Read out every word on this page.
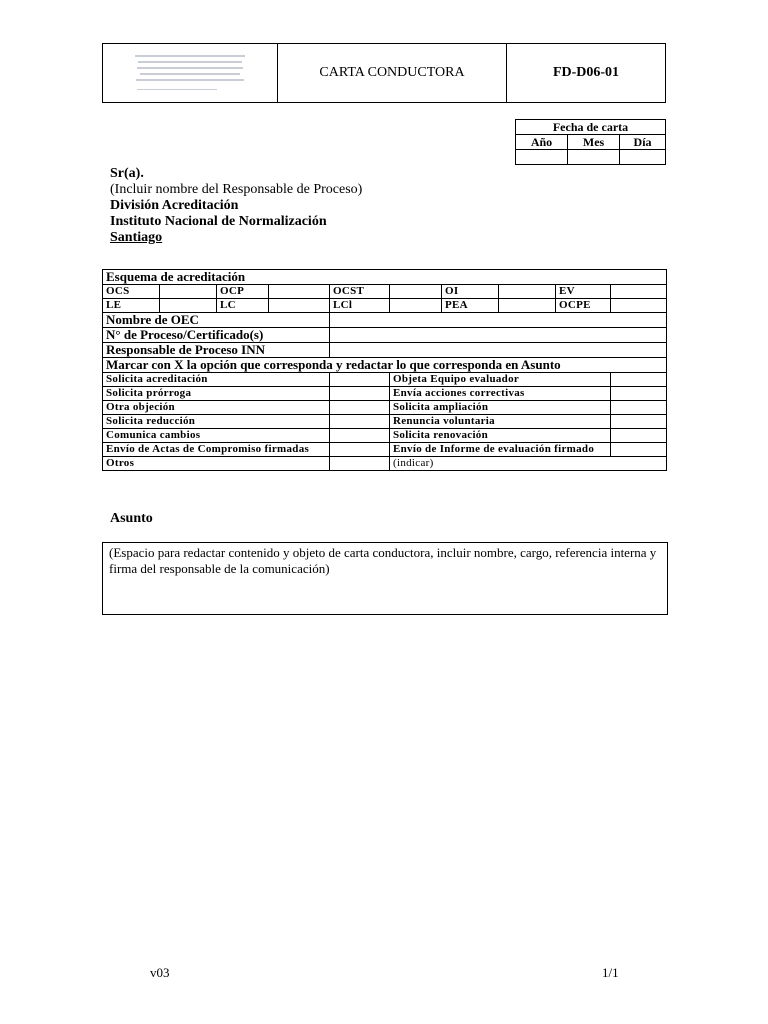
	CARTA CONDUCTORA	FD-D06-01
Fecha de carta		
Año	Mes	Día

Sr(a).
(Incluir nombre del Responsable de Proceso)
División Acreditación
Instituto Nacional de Normalización
Santiago
Esquema de acreditación									
OCS		OCP		OCST		OI		EV	
LE		LC		LCl		PEA		OCPE	
Nombre de OEC									
N° de Proceso/Certificado(s)									
Responsable de Proceso INN									
Marcar con X la opción que corresponda y redactar lo que corresponda en Asunto									
Solicita acreditación					Objeta Equipo evaluador				
Solicita prórroga					Envía acciones correctivas				
Otra objeción					Solicita ampliación				
Solicita reducción					Renuncia voluntaria				
Comunica cambios					Solicita renovación				
Envío de Actas de Compromiso firmadas					Envío de Informe de evaluación firmado				
Otros					(indicar)				
Asunto
(Espacio para redactar contenido y objeto de carta conductora, incluir nombre, cargo, referencia interna y firma del responsable de la comunicación)
v03	1/1
